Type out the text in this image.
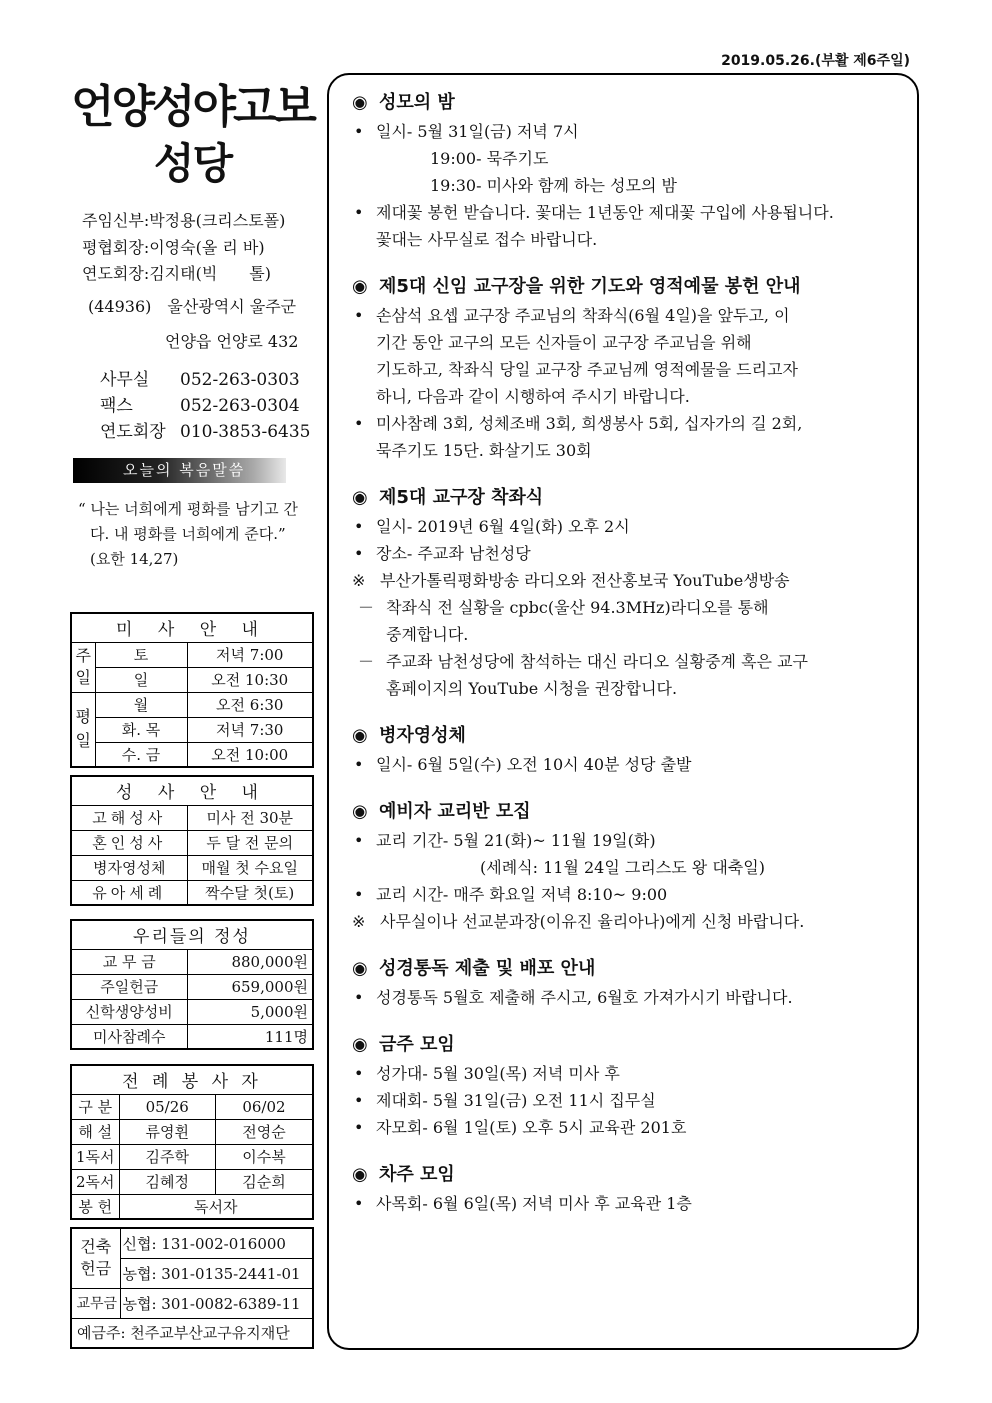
2019.05.26.(부활 제6주일)
언양성야고보
성당
주임신부:박정용(크리스토폴)
평협회장:이영숙(올 리 바)
연도회장:김지태(빅　　톨)
(44936)　울산광역시 울주군
언양읍 언양로 432
사무실 052-263-0303
팩스	052-263-0304
연도회장 010-3853-6435
오늘의 복음말씀

“ 나는 너희에게 평화를 남기고 간다. 내 평화를 너희에게 준다.” (요한 14,27)

미 사 안 내		
주일	토	저녁 7:00
	일	오전 10:30
평일	월	오전 6:30
	화. 목	저녁 7:30
	수. 금	오전 10:00
성 사 안 내	
고해성사	미사 전 30분
혼인성사	두 달 전 문의
병자영성체	매월 첫 수요일
유아세례	짝수달 첫(토)
우리들의 정성	
교 무 금	880,000원
주일헌금	659,000원
신학생양성비	5,000원
미사참례수	111명
전 례 봉 사 자		
구 분	05/26	06/02
해 설	류영휜	전영순
1독서	김주학	이수복
2독서	김혜정	김순희
봉 헌	독서자	
건축헌금	신협: 131-002-016000
	농협: 301-0135-2441-01
교무금	농협: 301-0082-6389-11
예금주: 천주교부산교구유지재단	
◉ 성모의 밤
• 일시- 5월 31일(금) 저녁 7시
19:00- 묵주기도
19:30- 미사와 함께 하는 성모의 밤
• 제대꽃 봉헌 받습니다. 꽃대는 1년동안 제대꽃 구입에 사용됩니다.
꽃대는 사무실로 접수 바랍니다.
◉ 제5대 신임 교구장을 위한 기도와 영적예물 봉헌 안내
• 손삼석 요셉 교구장 주교님의 착좌식(6월 4일)을 앞두고, 이
기간 동안 교구의 모든 신자들이 교구장 주교님을 위해
기도하고, 착좌식 당일 교구장 주교님께 영적예물을 드리고자
하니, 다음과 같이 시행하여 주시기 바랍니다.
• 미사참례 3회, 성체조배 3회, 희생봉사 5회, 십자가의 길 2회,
묵주기도 15단. 화살기도 30회
◉ 제5대 교구장 착좌식
• 일시- 2019년 6월 4일(화) 오후 2시
• 장소- 주교좌 남천성당
※ 부산가톨릭평화방송 라디오와 전산홍보국 YouTube생방송
－ 착좌식 전 실황을 cpbc(울산 94.3MHz)라디오를 통해
중계합니다.
－ 주교좌 남천성당에 참석하는 대신 라디오 실황중계 혹은 교구
홈페이지의 YouTube 시청을 권장합니다.
◉ 병자영성체
• 일시- 6월 5일(수) 오전 10시 40분 성당 출발
◉ 예비자 교리반 모집
• 교리 기간- 5월 21(화)~ 11월 19일(화)
(세례식: 11월 24일 그리스도 왕 대축일)
• 교리 시간- 매주 화요일 저녁 8:10~ 9:00
※ 사무실이나 선교분과장(이유진 율리아나)에게 신청 바랍니다.
◉ 성경통독 제출 및 배포 안내
• 성경통독 5월호 제출해 주시고, 6월호 가져가시기 바랍니다.
◉ 금주 모임
• 성가대- 5월 30일(목) 저녁 미사 후
• 제대회- 5월 31일(금) 오전 11시 집무실
• 자모회- 6월 1일(토) 오후 5시 교육관 201호
◉ 차주 모임
• 사목회- 6월 6일(목) 저녁 미사 후 교육관 1층
